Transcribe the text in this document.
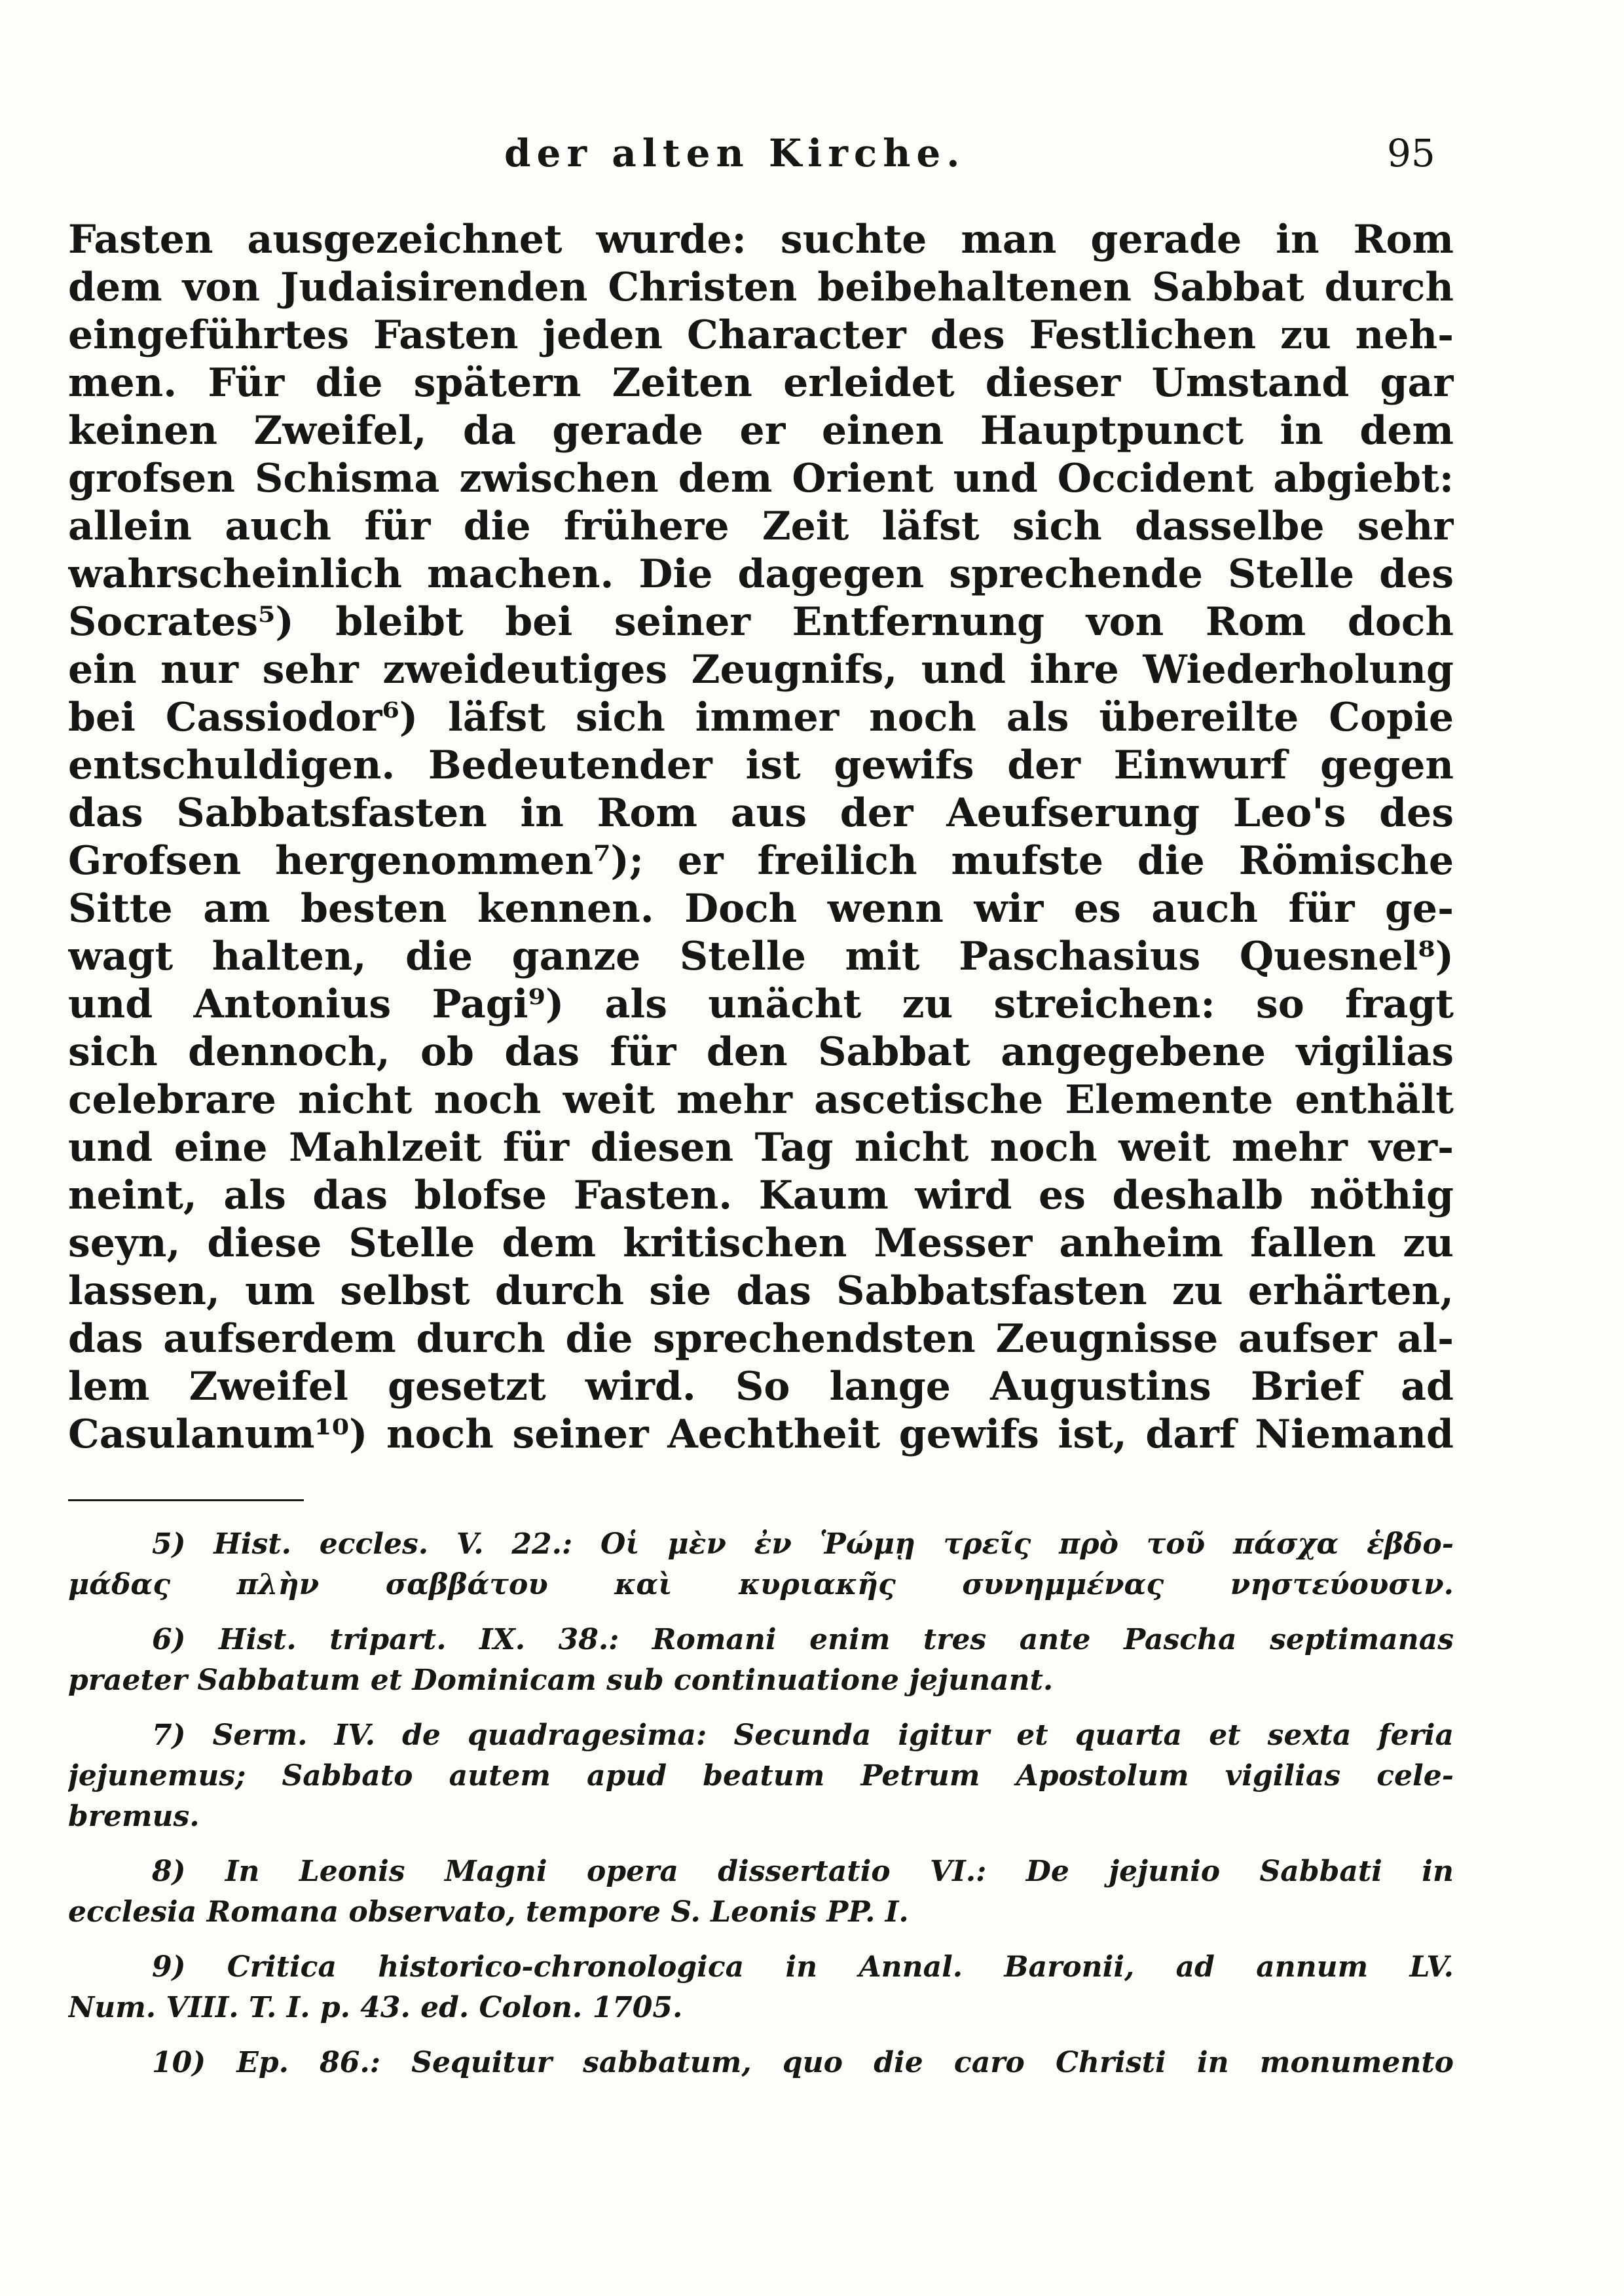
der alten Kirche.	95
Fasten ausgezeichnet wurde: suchte man gerade in Rom
dem von Judaisirenden Christen beibehaltenen Sabbat durch
eingeführtes Fasten jeden Character des Festlichen zu neh-
men. Für die spätern Zeiten erleidet dieser Umstand gar
keinen Zweifel, da gerade er einen Hauptpunct in dem
grofsen Schisma zwischen dem Orient und Occident abgiebt:
allein auch für die frühere Zeit läfst sich dasselbe sehr
wahrscheinlich machen. Die dagegen sprechende Stelle des
Socrates⁵) bleibt bei seiner Entfernung von Rom doch
ein nur sehr zweideutiges Zeugnifs, und ihre Wiederholung
bei Cassiodor⁶) läfst sich immer noch als übereilte Copie
entschuldigen. Bedeutender ist gewifs der Einwurf gegen
das Sabbatsfasten in Rom aus der Aeufserung Leo's des
Grofsen hergenommen⁷); er freilich mufste die Römische
Sitte am besten kennen. Doch wenn wir es auch für ge-
wagt halten, die ganze Stelle mit Paschasius Quesnel⁸)
und Antonius Pagi⁹) als unächt zu streichen: so fragt
sich dennoch, ob das für den Sabbat angegebene vigilias
celebrare nicht noch weit mehr ascetische Elemente enthält
und eine Mahlzeit für diesen Tag nicht noch weit mehr ver-
neint, als das blofse Fasten. Kaum wird es deshalb nöthig
seyn, diese Stelle dem kritischen Messer anheim fallen zu
lassen, um selbst durch sie das Sabbatsfasten zu erhärten,
das aufserdem durch die sprechendsten Zeugnisse aufser al-
lem Zweifel gesetzt wird. So lange Augustins Brief ad
Casulanum¹⁰) noch seiner Aechtheit gewifs ist, darf Niemand
5) Hist. eccles. V. 22.: Οἱ μὲν ἐν Ῥώμῃ τρεῖς πρὸ τοῦ πάσχα ἑβδο-
μάδας πλὴν σαββάτου καὶ κυριακῆς συνημμένας νηστεύουσιν.
6) Hist. tripart. IX. 38.: Romani enim tres ante Pascha septimanas
praeter Sabbatum et Dominicam sub continuatione jejunant.
7) Serm. IV. de quadragesima: Secunda igitur et quarta et sexta feria
jejunemus; Sabbato autem apud beatum Petrum Apostolum vigilias cele-
bremus.
8) In Leonis Magni opera dissertatio VI.: De jejunio Sabbati in
ecclesia Romana observato, tempore S. Leonis PP. I.
9) Critica historico-chronologica in Annal. Baronii, ad annum LV.
Num. VIII. T. I. p. 43. ed. Colon. 1705.
10) Ep. 86.: Sequitur sabbatum, quo die caro Christi in monumento
